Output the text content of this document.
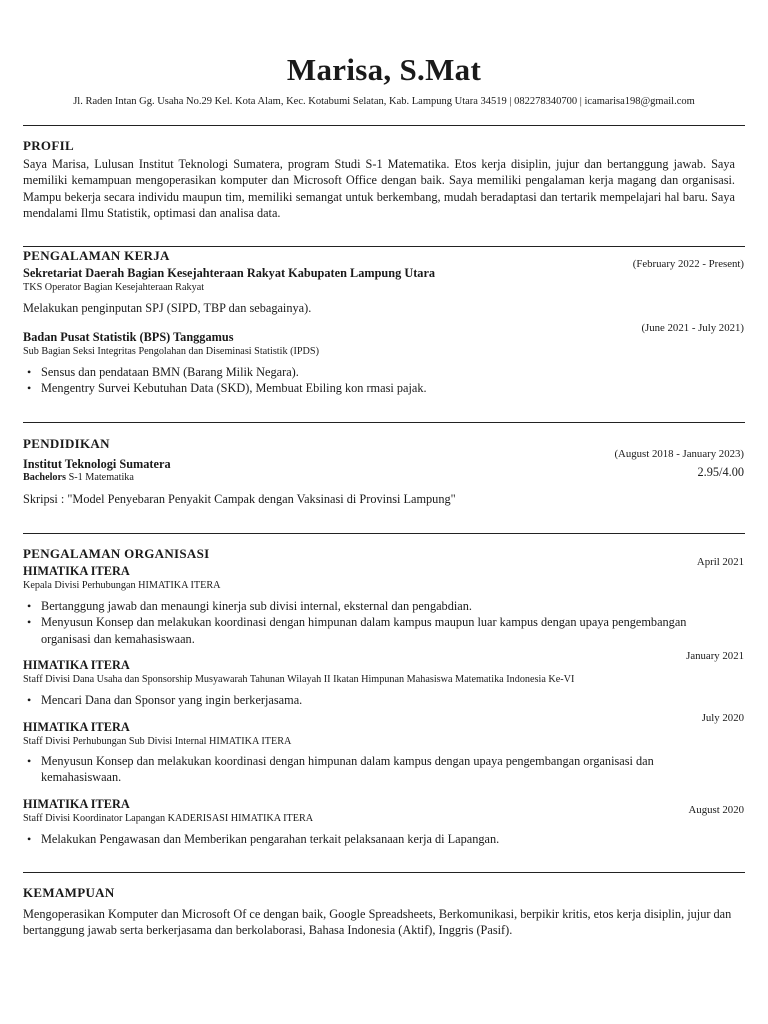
Marisa, S.Mat
Jl. Raden Intan Gg. Usaha No.29 Kel. Kota Alam, Kec. Kotabumi Selatan, Kab. Lampung Utara 34519 | 082278340700 | icamarisa198@gmail.com
PROFIL
Saya Marisa, Lulusan Institut Teknologi Sumatera, program Studi S-1 Matematika. Etos kerja disiplin, jujur dan bertanggung jawab. Saya memiliki kemampuan mengoperasikan komputer dan Microsoft Office dengan baik. Saya memiliki pengalaman kerja magang dan organisasi. Mampu bekerja secara individu maupun tim, memiliki semangat untuk berkembang, mudah beradaptasi dan tertarik mempelajari hal baru. Saya mendalami Ilmu Statistik, optimasi dan analisa data.
PENGALAMAN KERJA
(February 2022 - Present)
Sekretariat Daerah Bagian Kesejahteraan Rakyat Kabupaten Lampung Utara
TKS Operator Bagian Kesejahteraan Rakyat
Melakukan penginputan SPJ (SIPD, TBP dan sebagainya).
(June 2021 - July 2021)
Badan Pusat Statistik (BPS) Tanggamus
Sub Bagian Seksi Integritas Pengolahan dan Diseminasi Statistik (IPDS)
• Sensus dan pendataan BMN (Barang Milik Negara).
• Mengentry Survei Kebutuhan Data (SKD), Membuat Ebiling kon rmasi pajak.
PENDIDIKAN
(August 2018 - January 2023)
Institut Teknologi Sumatera
2.95/4.00
Bachelors S-1 Matematika
Skripsi : "Model Penyebaran Penyakit Campak dengan Vaksinasi di Provinsi Lampung"
PENGALAMAN ORGANISASI
April 2021
HIMATIKA ITERA
Kepala Divisi Perhubungan HIMATIKA ITERA
• Bertanggung jawab dan menaungi kinerja sub divisi internal, eksternal dan pengabdian.
• Menyusun Konsep dan melakukan koordinasi dengan himpunan dalam kampus maupun luar kampus dengan upaya pengembangan organisasi dan kemahasiswaan.
January 2021
HIMATIKA ITERA
Staff Divisi Dana Usaha dan Sponsorship Musyawarah Tahunan Wilayah II Ikatan Himpunan Mahasiswa Matematika Indonesia Ke-VI
• Mencari Dana dan Sponsor yang ingin berkerjasama.
July 2020
HIMATIKA ITERA
Staff Divisi Perhubungan Sub Divisi Internal HIMATIKA ITERA
• Menyusun Konsep dan melakukan koordinasi dengan himpunan dalam kampus dengan upaya pengembangan organisasi dan kemahasiswaan.
August 2020
HIMATIKA ITERA
Staff Divisi Koordinator Lapangan KADERISASI HIMATIKA ITERA
• Melakukan Pengawasan dan Memberikan pengarahan terkait pelaksanaan kerja di Lapangan.
KEMAMPUAN
Mengoperasikan Komputer dan Microsoft Of ce dengan baik, Google Spreadsheets, Berkomunikasi, berpikir kritis, etos kerja disiplin, jujur dan bertanggung jawab serta berkerjasama dan berkolaborasi, Bahasa Indonesia (Aktif), Inggris (Pasif).
